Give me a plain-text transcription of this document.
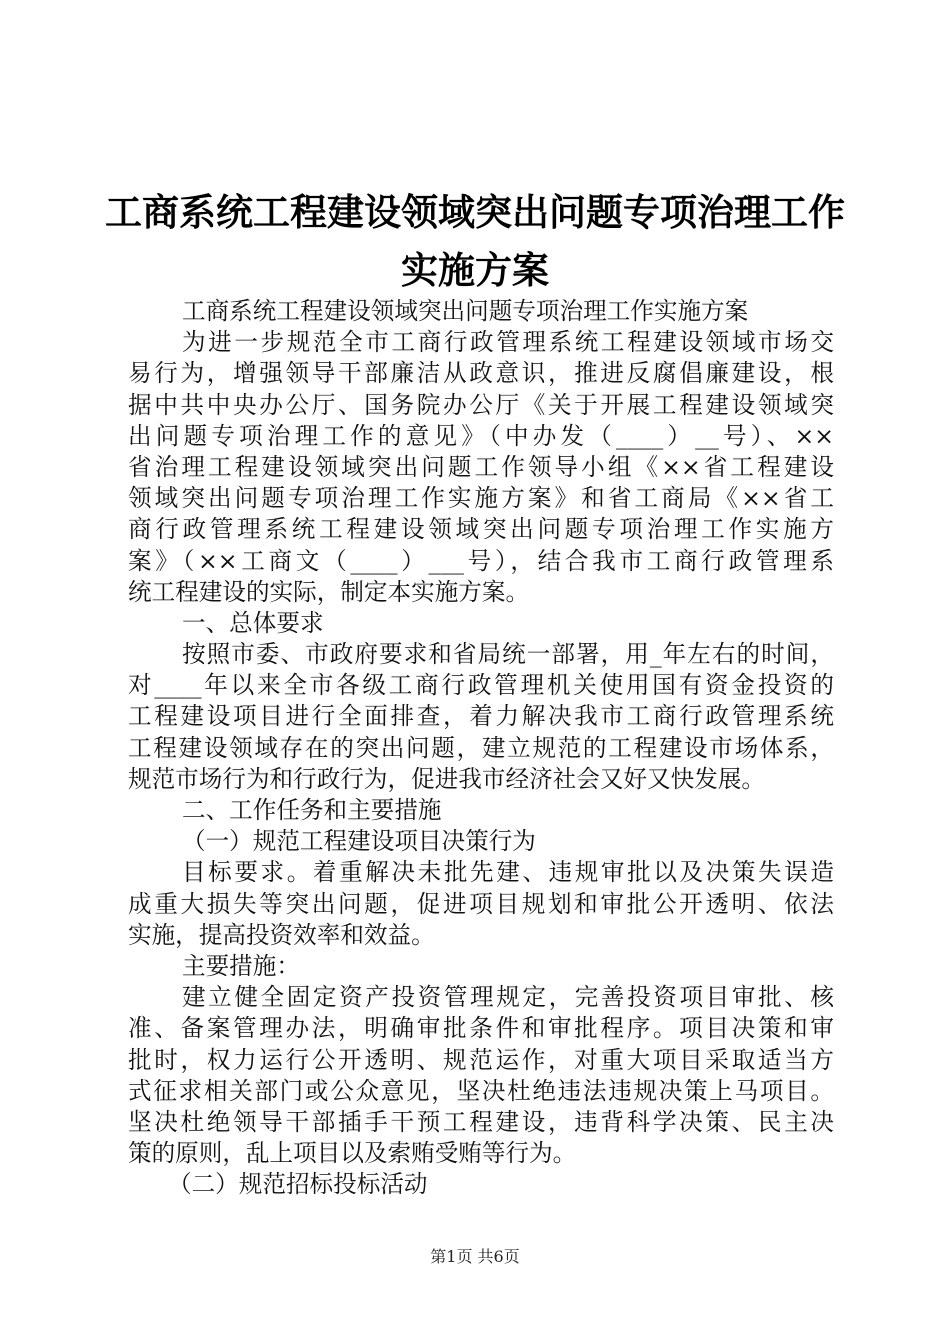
工商系统工程建设领域突出问题专项治理工作
实施方案
工商系统工程建设领域突出问题专项治理工作实施方案
为进一步规范全市工商行政管理系统工程建设领域市场交
易行为，增强领导干部廉洁从政意识，推进反腐倡廉建设，根
据中共中央办公厅、国务院办公厅《关于开展工程建设领域突
出问题专项治理工作的意见》（中办发（____）__号）、××
省治理工程建设领域突出问题工作领导小组《××省工程建设
领域突出问题专项治理工作实施方案》和省工商局《××省工
商行政管理系统工程建设领域突出问题专项治理工作实施方
案》（××工商文（____）___号），结合我市工商行政管理系
统工程建设的实际，制定本实施方案。
一、总体要求
按照市委、市政府要求和省局统一部署，用_年左右的时间，
对____年以来全市各级工商行政管理机关使用国有资金投资的
工程建设项目进行全面排查，着力解决我市工商行政管理系统
工程建设领域存在的突出问题，建立规范的工程建设市场体系，
规范市场行为和行政行为，促进我市经济社会又好又快发展。
二、工作任务和主要措施
（一）规范工程建设项目决策行为
目标要求。着重解决未批先建、违规审批以及决策失误造
成重大损失等突出问题，促进项目规划和审批公开透明、依法
实施，提高投资效率和效益。
主要措施：
建立健全固定资产投资管理规定，完善投资项目审批、核
准、备案管理办法，明确审批条件和审批程序。项目决策和审
批时，权力运行公开透明、规范运作，对重大项目采取适当方
式征求相关部门或公众意见，坚决杜绝违法违规决策上马项目。
坚决杜绝领导干部插手干预工程建设，违背科学决策、民主决
策的原则，乱上项目以及索贿受贿等行为。
（二）规范招标投标活动
第1页 共6页
